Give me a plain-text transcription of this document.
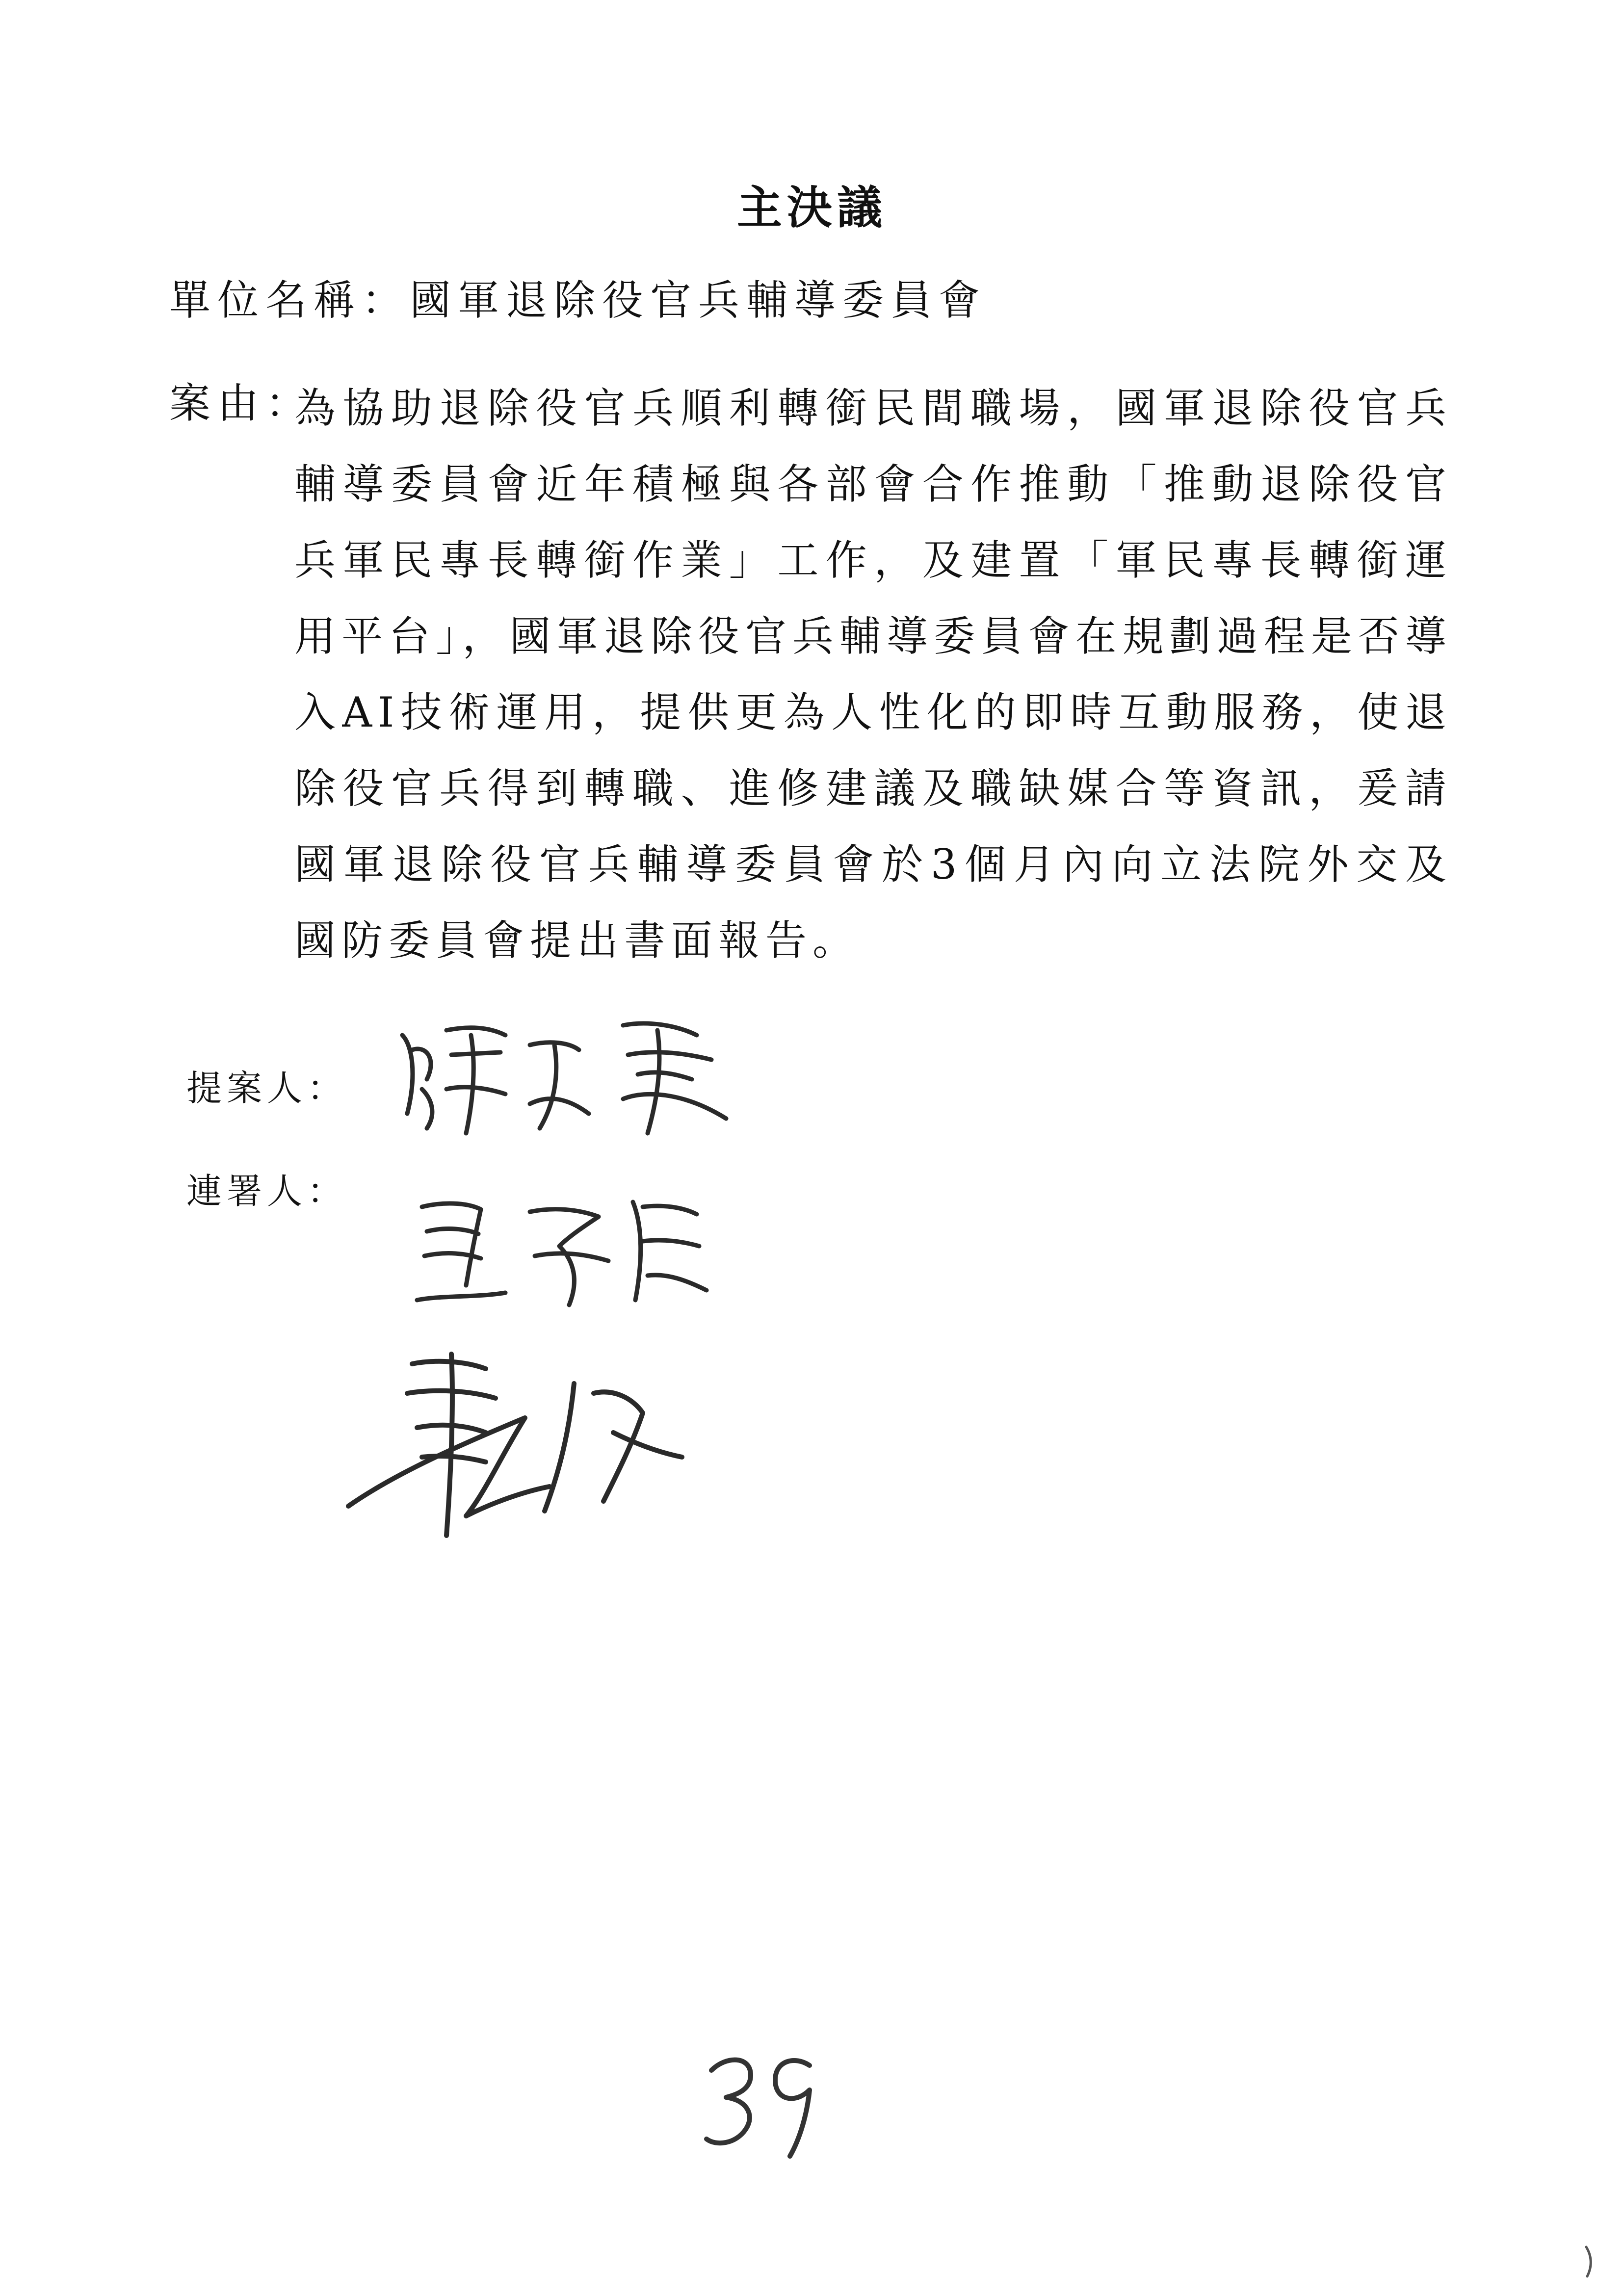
主決議
單位名稱：國軍退除役官兵輔導委員會
案由：
為協助退除役官兵順利轉銜民間職場，國軍退除役官兵輔導委員會近年積極與各部會合作推動「推動退除役官兵軍民專長轉銜作業」工作，及建置「軍民專長轉銜運用平台」，國軍退除役官兵輔導委員會在規劃過程是否導入AI技術運用，提供更為人性化的即時互動服務，使退除役官兵得到轉職、進修建議及職缺媒合等資訊，爰請國軍退除役官兵輔導委員會於3個月內向立法院外交及國防委員會提出書面報告。
提案人：
連署人：
